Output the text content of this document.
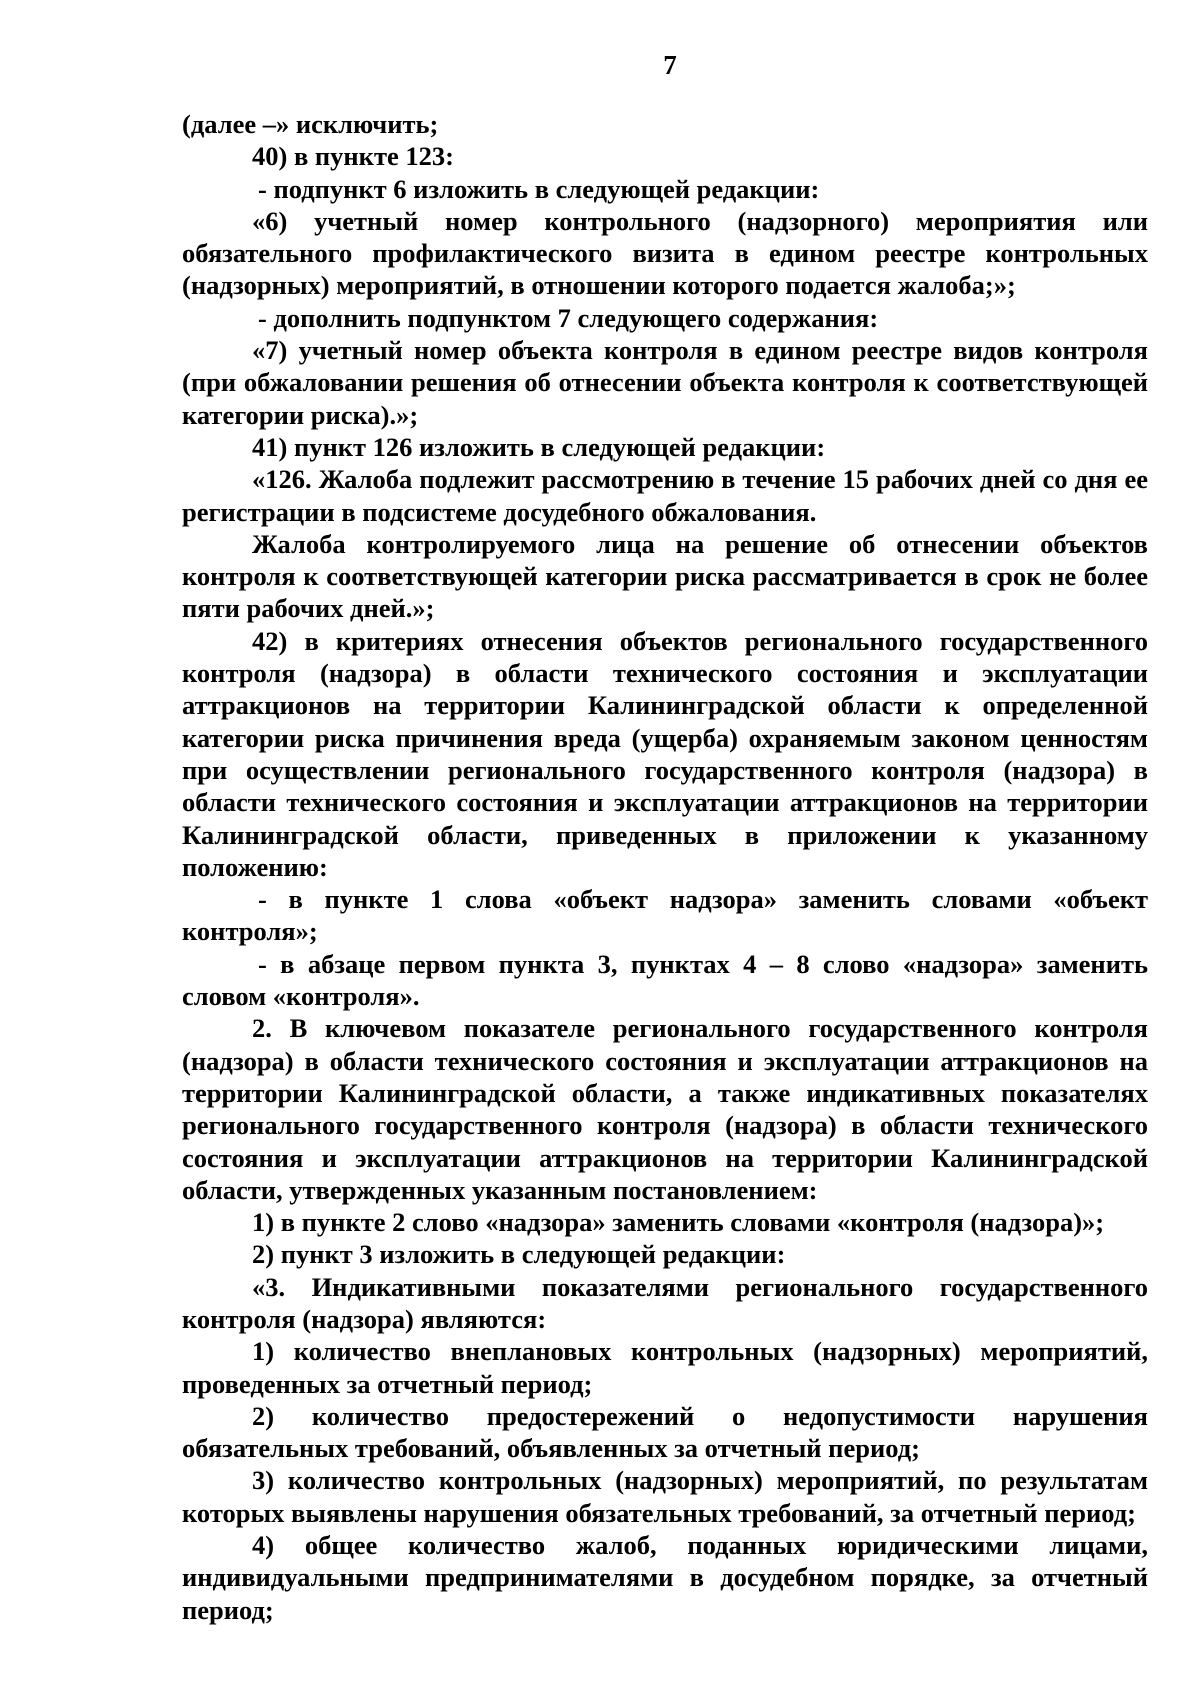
7

(далее –» исключить;

40) в пункте 123:

- подпункт 6 изложить в следующей редакции:

«6) учетный номер контрольного (надзорного) мероприятия или обязательного профилактического визита в едином реестре контрольных (надзорных) мероприятий, в отношении которого подается жалоба;»;

- дополнить подпунктом 7 следующего содержания:

«7) учетный номер объекта контроля в едином реестре видов контроля (при обжаловании решения об отнесении объекта контроля к соответствующей категории риска).»;

41) пункт 126 изложить в следующей редакции:

«126. Жалоба подлежит рассмотрению в течение 15 рабочих дней со дня ее регистрации в подсистеме досудебного обжалования.

Жалоба контролируемого лица на решение об отнесении объектов контроля к соответствующей категории риска рассматривается в срок не более пяти рабочих дней.»;

42) в критериях отнесения объектов регионального государственного контроля (надзора) в области технического состояния и эксплуатации аттракционов на территории Калининградской области к определенной категории риска причинения вреда (ущерба) охраняемым законом ценностям при осуществлении регионального государственного контроля (надзора) в области технического состояния и эксплуатации аттракционов на территории Калининградской области, приведенных в приложении к указанному положению:

- в пункте 1 слова «объект надзора» заменить словами «объект контроля»;

- в абзаце первом пункта 3, пунктах 4 – 8 слово «надзора» заменить словом «контроля».

2. В ключевом показателе регионального государственного контроля (надзора) в области технического состояния и эксплуатации аттракционов на территории Калининградской области, а также индикативных показателях регионального государственного контроля (надзора) в области технического состояния и эксплуатации аттракционов на территории Калининградской области, утвержденных указанным постановлением:

1) в пункте 2 слово «надзора» заменить словами «контроля (надзора)»;

2) пункт 3 изложить в следующей редакции:

«3. Индикативными показателями регионального государственного контроля (надзора) являются:

1) количество внеплановых контрольных (надзорных) мероприятий, проведенных за отчетный период;

2) количество предостережений о недопустимости нарушения обязательных требований, объявленных за отчетный период;

3) количество контрольных (надзорных) мероприятий, по результатам которых выявлены нарушения обязательных требований, за отчетный период;

4) общее количество жалоб, поданных юридическими лицами, индивидуальными предпринимателями в досудебном порядке, за отчетный период;
